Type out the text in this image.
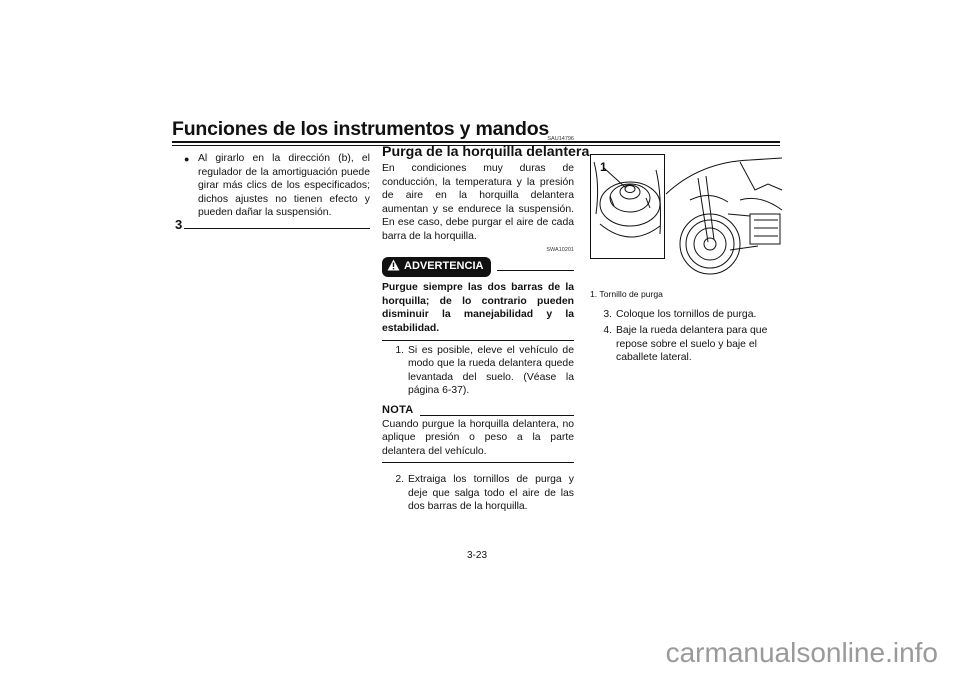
Funciones de los instrumentos y mandos
3
● Al girarlo en la dirección (b), el regulador de la amortiguación puede girar más clics de los especificados; dichos ajustes no tienen efecto y pueden dañar la suspensión.
SAU14796
Purga de la horquilla delantera
En condiciones muy duras de conducción, la temperatura y la presión de aire en la horquilla delantera aumentan y se endurece la suspensión. En ese caso, debe purgar el aire de cada barra de la horquilla.
SWA10201
ADVERTENCIA
Purgue siempre las dos barras de la horquilla; de lo contrario pueden disminuir la manejabilidad y la estabilidad.
1. Si es posible, eleve el vehículo de modo que la rueda delantera quede levantada del suelo. (Véase la página 6-37).
NOTA
Cuando purgue la horquilla delantera, no aplique presión o peso a la parte delantera del vehículo.
2. Extraiga los tornillos de purga y deje que salga todo el aire de las dos barras de la horquilla.
1
1. Tornillo de purga
3. Coloque los tornillos de purga.
4. Baje la rueda delantera para que repose sobre el suelo y baje el caballete lateral.
3-23
carmanualsonline.info
